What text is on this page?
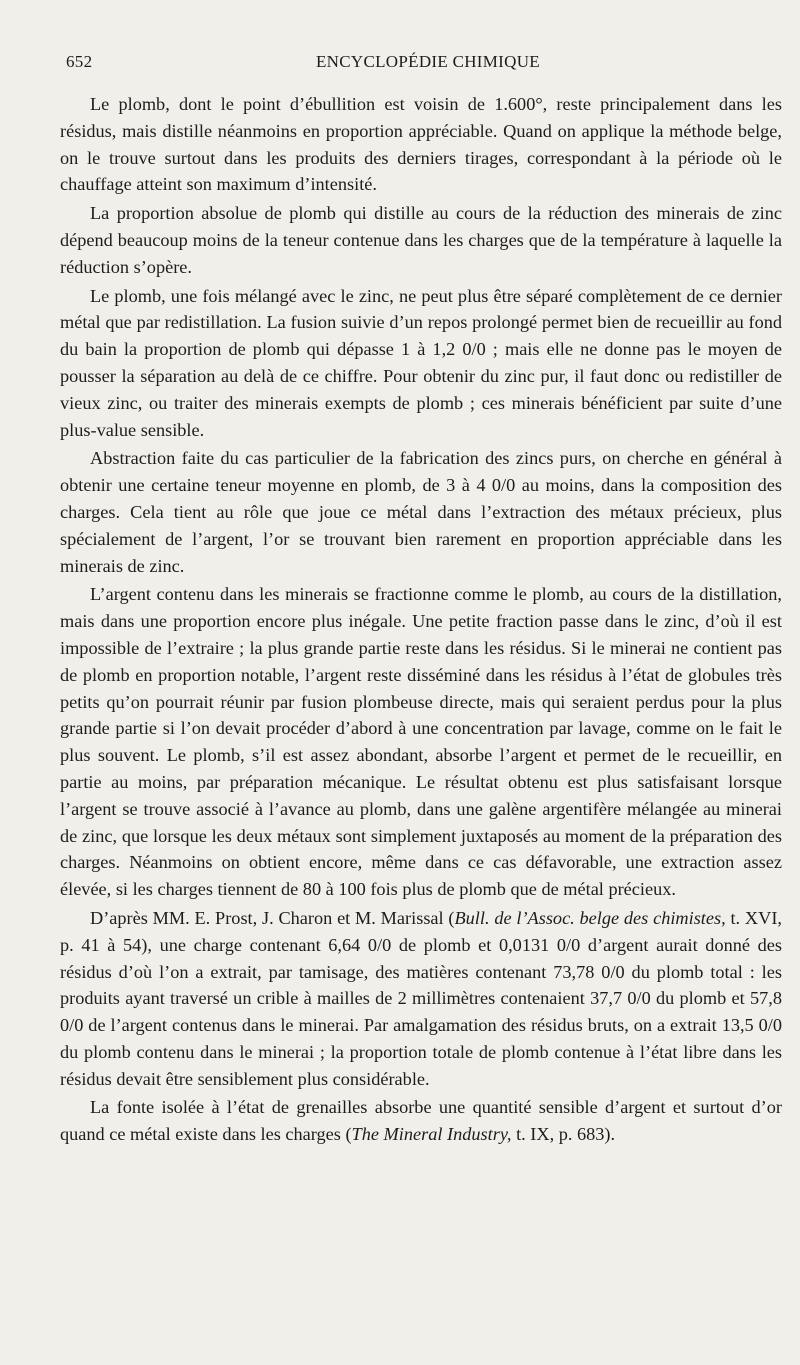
652	ENCYCLOPÉDIE CHIMIQUE

Le plomb, dont le point d’ébullition est voisin de 1.600°, reste principalement dans les résidus, mais distille néanmoins en proportion appréciable. Quand on applique la méthode belge, on le trouve surtout dans les produits des derniers tirages, correspondant à la période où le chauffage atteint son maximum d’intensité.

La proportion absolue de plomb qui distille au cours de la réduction des minerais de zinc dépend beaucoup moins de la teneur contenue dans les charges que de la température à laquelle la réduction s’opère.

Le plomb, une fois mélangé avec le zinc, ne peut plus être séparé complètement de ce dernier métal que par redistillation. La fusion suivie d’un repos prolongé permet bien de recueillir au fond du bain la proportion de plomb qui dépasse 1 à 1,2 0/0 ; mais elle ne donne pas le moyen de pousser la séparation au delà de ce chiffre. Pour obtenir du zinc pur, il faut donc ou redistiller de vieux zinc, ou traiter des minerais exempts de plomb ; ces minerais bénéficient par suite d’une plus-value sensible.

Abstraction faite du cas particulier de la fabrication des zincs purs, on cherche en général à obtenir une certaine teneur moyenne en plomb, de 3 à 4 0/0 au moins, dans la composition des charges. Cela tient au rôle que joue ce métal dans l’extraction des métaux précieux, plus spécialement de l’argent, l’or se trouvant bien rarement en proportion appréciable dans les minerais de zinc.

L’argent contenu dans les minerais se fractionne comme le plomb, au cours de la distillation, mais dans une proportion encore plus inégale. Une petite fraction passe dans le zinc, d’où il est impossible de l’extraire ; la plus grande partie reste dans les résidus. Si le minerai ne contient pas de plomb en proportion notable, l’argent reste disséminé dans les résidus à l’état de globules très petits qu’on pourrait réunir par fusion plombeuse directe, mais qui seraient perdus pour la plus grande partie si l’on devait procéder d’abord à une concentration par lavage, comme on le fait le plus souvent. Le plomb, s’il est assez abondant, absorbe l’argent et permet de le recueillir, en partie au moins, par préparation mécanique. Le résultat obtenu est plus satisfaisant lorsque l’argent se trouve associé à l’avance au plomb, dans une galène argentifère mélangée au minerai de zinc, que lorsque les deux métaux sont simplement juxtaposés au moment de la préparation des charges. Néanmoins on obtient encore, même dans ce cas défavorable, une extraction assez élevée, si les charges tiennent de 80 à 100 fois plus de plomb que de métal précieux.

D’après MM. E. Prost, J. Charon et M. Marissal (Bull. de l’Assoc. belge des chimistes, t. XVI, p. 41 à 54), une charge contenant 6,64 0/0 de plomb et 0,0131 0/0 d’argent aurait donné des résidus d’où l’on a extrait, par tamisage, des matières contenant 73,78 0/0 du plomb total : les produits ayant traversé un crible à mailles de 2 millimètres contenaient 37,7 0/0 du plomb et 57,8 0/0 de l’argent contenus dans le minerai. Par amalgamation des résidus bruts, on a extrait 13,5 0/0 du plomb contenu dans le minerai ; la proportion totale de plomb contenue à l’état libre dans les résidus devait être sensiblement plus considérable.

La fonte isolée à l’état de grenailles absorbe une quantité sensible d’argent et surtout d’or quand ce métal existe dans les charges (The Mineral Industry, t. IX, p. 683).
